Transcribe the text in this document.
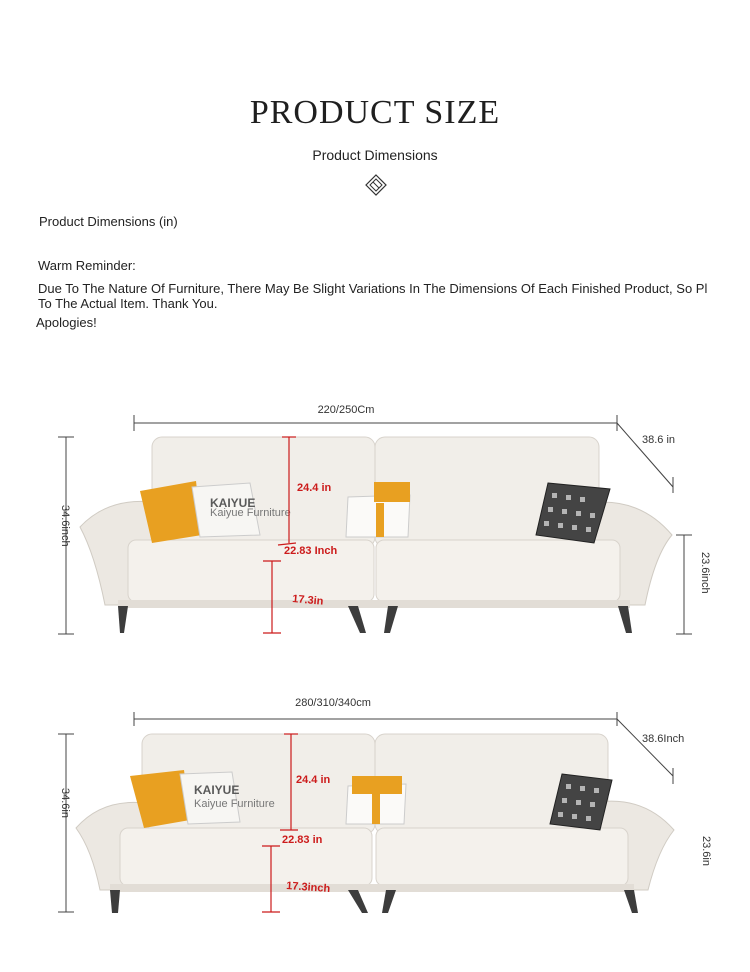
PRODUCT SIZE
Product Dimensions
Product Dimensions (in)
Warm Reminder:
Due To The Nature Of Furniture, There May Be Slight Variations In The Dimensions Of Each Finished Product, So Pl
To The Actual Item. Thank You.
Apologies!
220/250Cm
38.6 in
34.6inch
23.6inch
KAIYUE
Kaiyue Furniture
24.4 in
22.83 Inch
17.3in
280/310/340cm
38.6Inch
34.6in
23.6in
KAIYUE
Kaiyue Furniture
24.4 in
22.83 in
17.3inch
